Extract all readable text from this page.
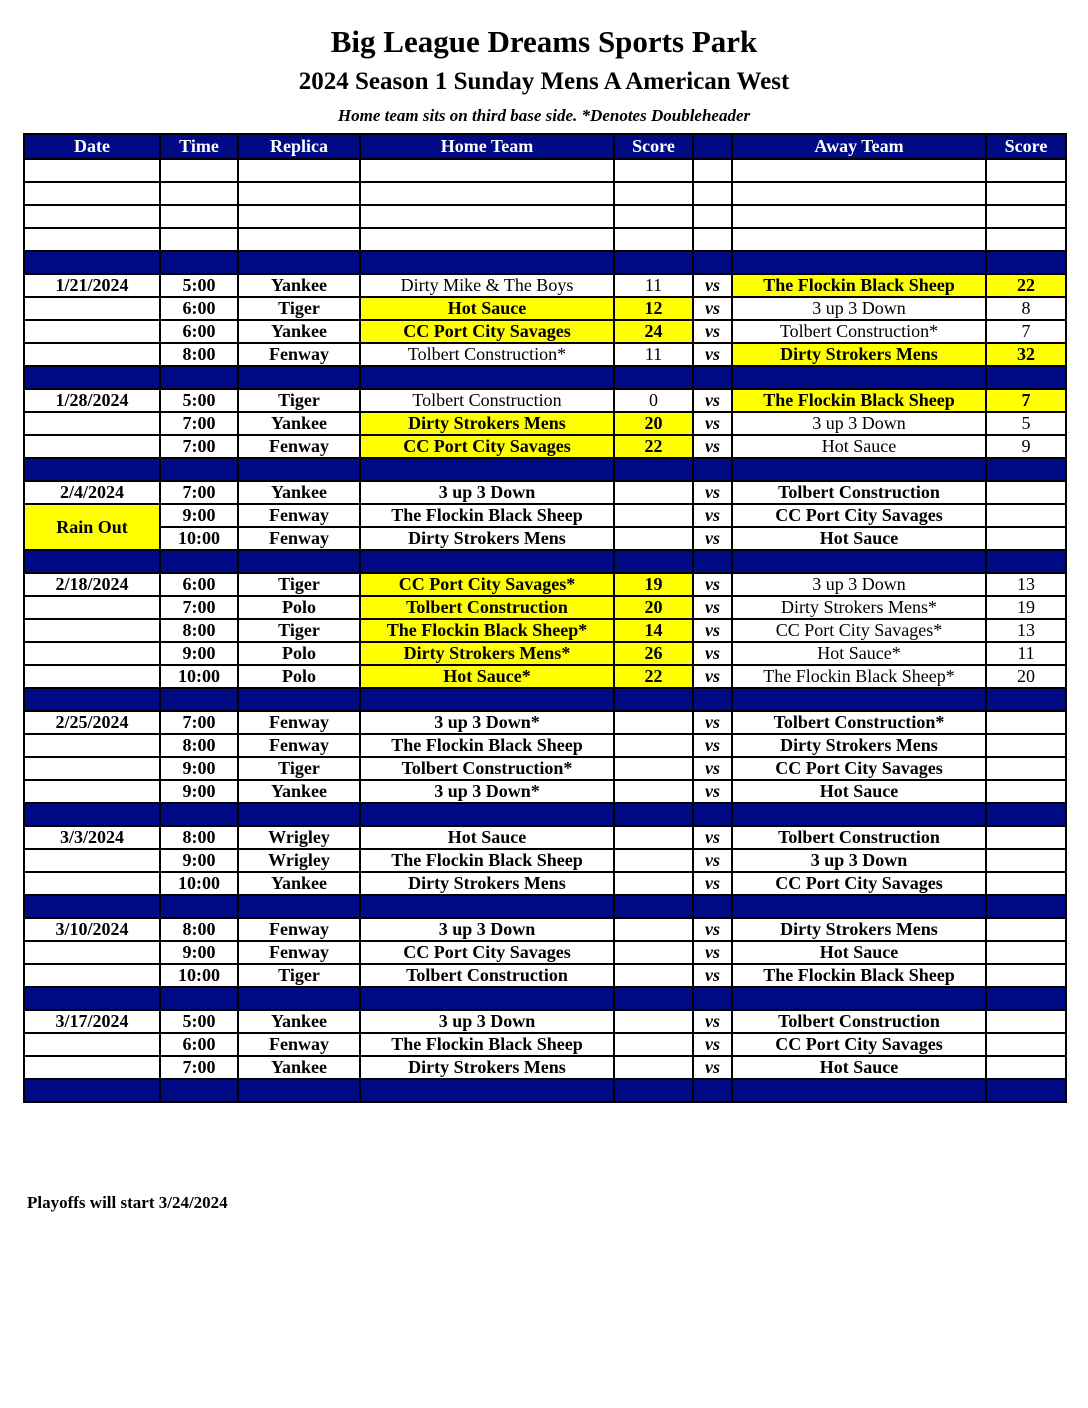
Big League Dreams Sports Park
2024 Season 1 Sunday Mens A American West
Home team sits on third base side. *Denotes Doubleheader
Date	Time	Replica	Home Team	Score		Away Team	Score

1/21/2024	5:00	Yankee	Dirty Mike & The Boys	11	vs	The Flockin Black Sheep	22
	6:00	Tiger	Hot Sauce	12	vs	3 up 3 Down	8
	6:00	Yankee	CC Port City Savages	24	vs	Tolbert Construction*	7
	8:00	Fenway	Tolbert Construction*	11	vs	Dirty Strokers Mens	32

1/28/2024	5:00	Tiger	Tolbert Construction	0	vs	The Flockin Black Sheep	7
	7:00	Yankee	Dirty Strokers Mens	20	vs	3 up 3 Down	5
	7:00	Fenway	CC Port City Savages	22	vs	Hot Sauce	9

2/4/2024	7:00	Yankee	3 up 3 Down		vs	Tolbert Construction	
Rain Out	9:00	Fenway	The Flockin Black Sheep		vs	CC Port City Savages	
	10:00	Fenway	Dirty Strokers Mens		vs	Hot Sauce	

2/18/2024	6:00	Tiger	CC Port City Savages*	19	vs	3 up 3 Down	13
	7:00	Polo	Tolbert Construction	20	vs	Dirty Strokers Mens*	19
	8:00	Tiger	The Flockin Black Sheep*	14	vs	CC Port City Savages*	13
	9:00	Polo	Dirty Strokers Mens*	26	vs	Hot Sauce*	11
	10:00	Polo	Hot Sauce*	22	vs	The Flockin Black Sheep*	20

2/25/2024	7:00	Fenway	3 up 3 Down*		vs	Tolbert Construction*	
	8:00	Fenway	The Flockin Black Sheep		vs	Dirty Strokers Mens	
	9:00	Tiger	Tolbert Construction*		vs	CC Port City Savages	
	9:00	Yankee	3 up 3 Down*		vs	Hot Sauce	

3/3/2024	8:00	Wrigley	Hot Sauce		vs	Tolbert Construction	
	9:00	Wrigley	The Flockin Black Sheep		vs	3 up 3 Down	
	10:00	Yankee	Dirty Strokers Mens		vs	CC Port City Savages	

3/10/2024	8:00	Fenway	3 up 3 Down		vs	Dirty Strokers Mens	
	9:00	Fenway	CC Port City Savages		vs	Hot Sauce	
	10:00	Tiger	Tolbert Construction		vs	The Flockin Black Sheep	

3/17/2024	5:00	Yankee	3 up 3 Down		vs	Tolbert Construction	
	6:00	Fenway	The Flockin Black Sheep		vs	CC Port City Savages	
	7:00	Yankee	Dirty Strokers Mens		vs	Hot Sauce	

Playoffs will start 3/24/2024
